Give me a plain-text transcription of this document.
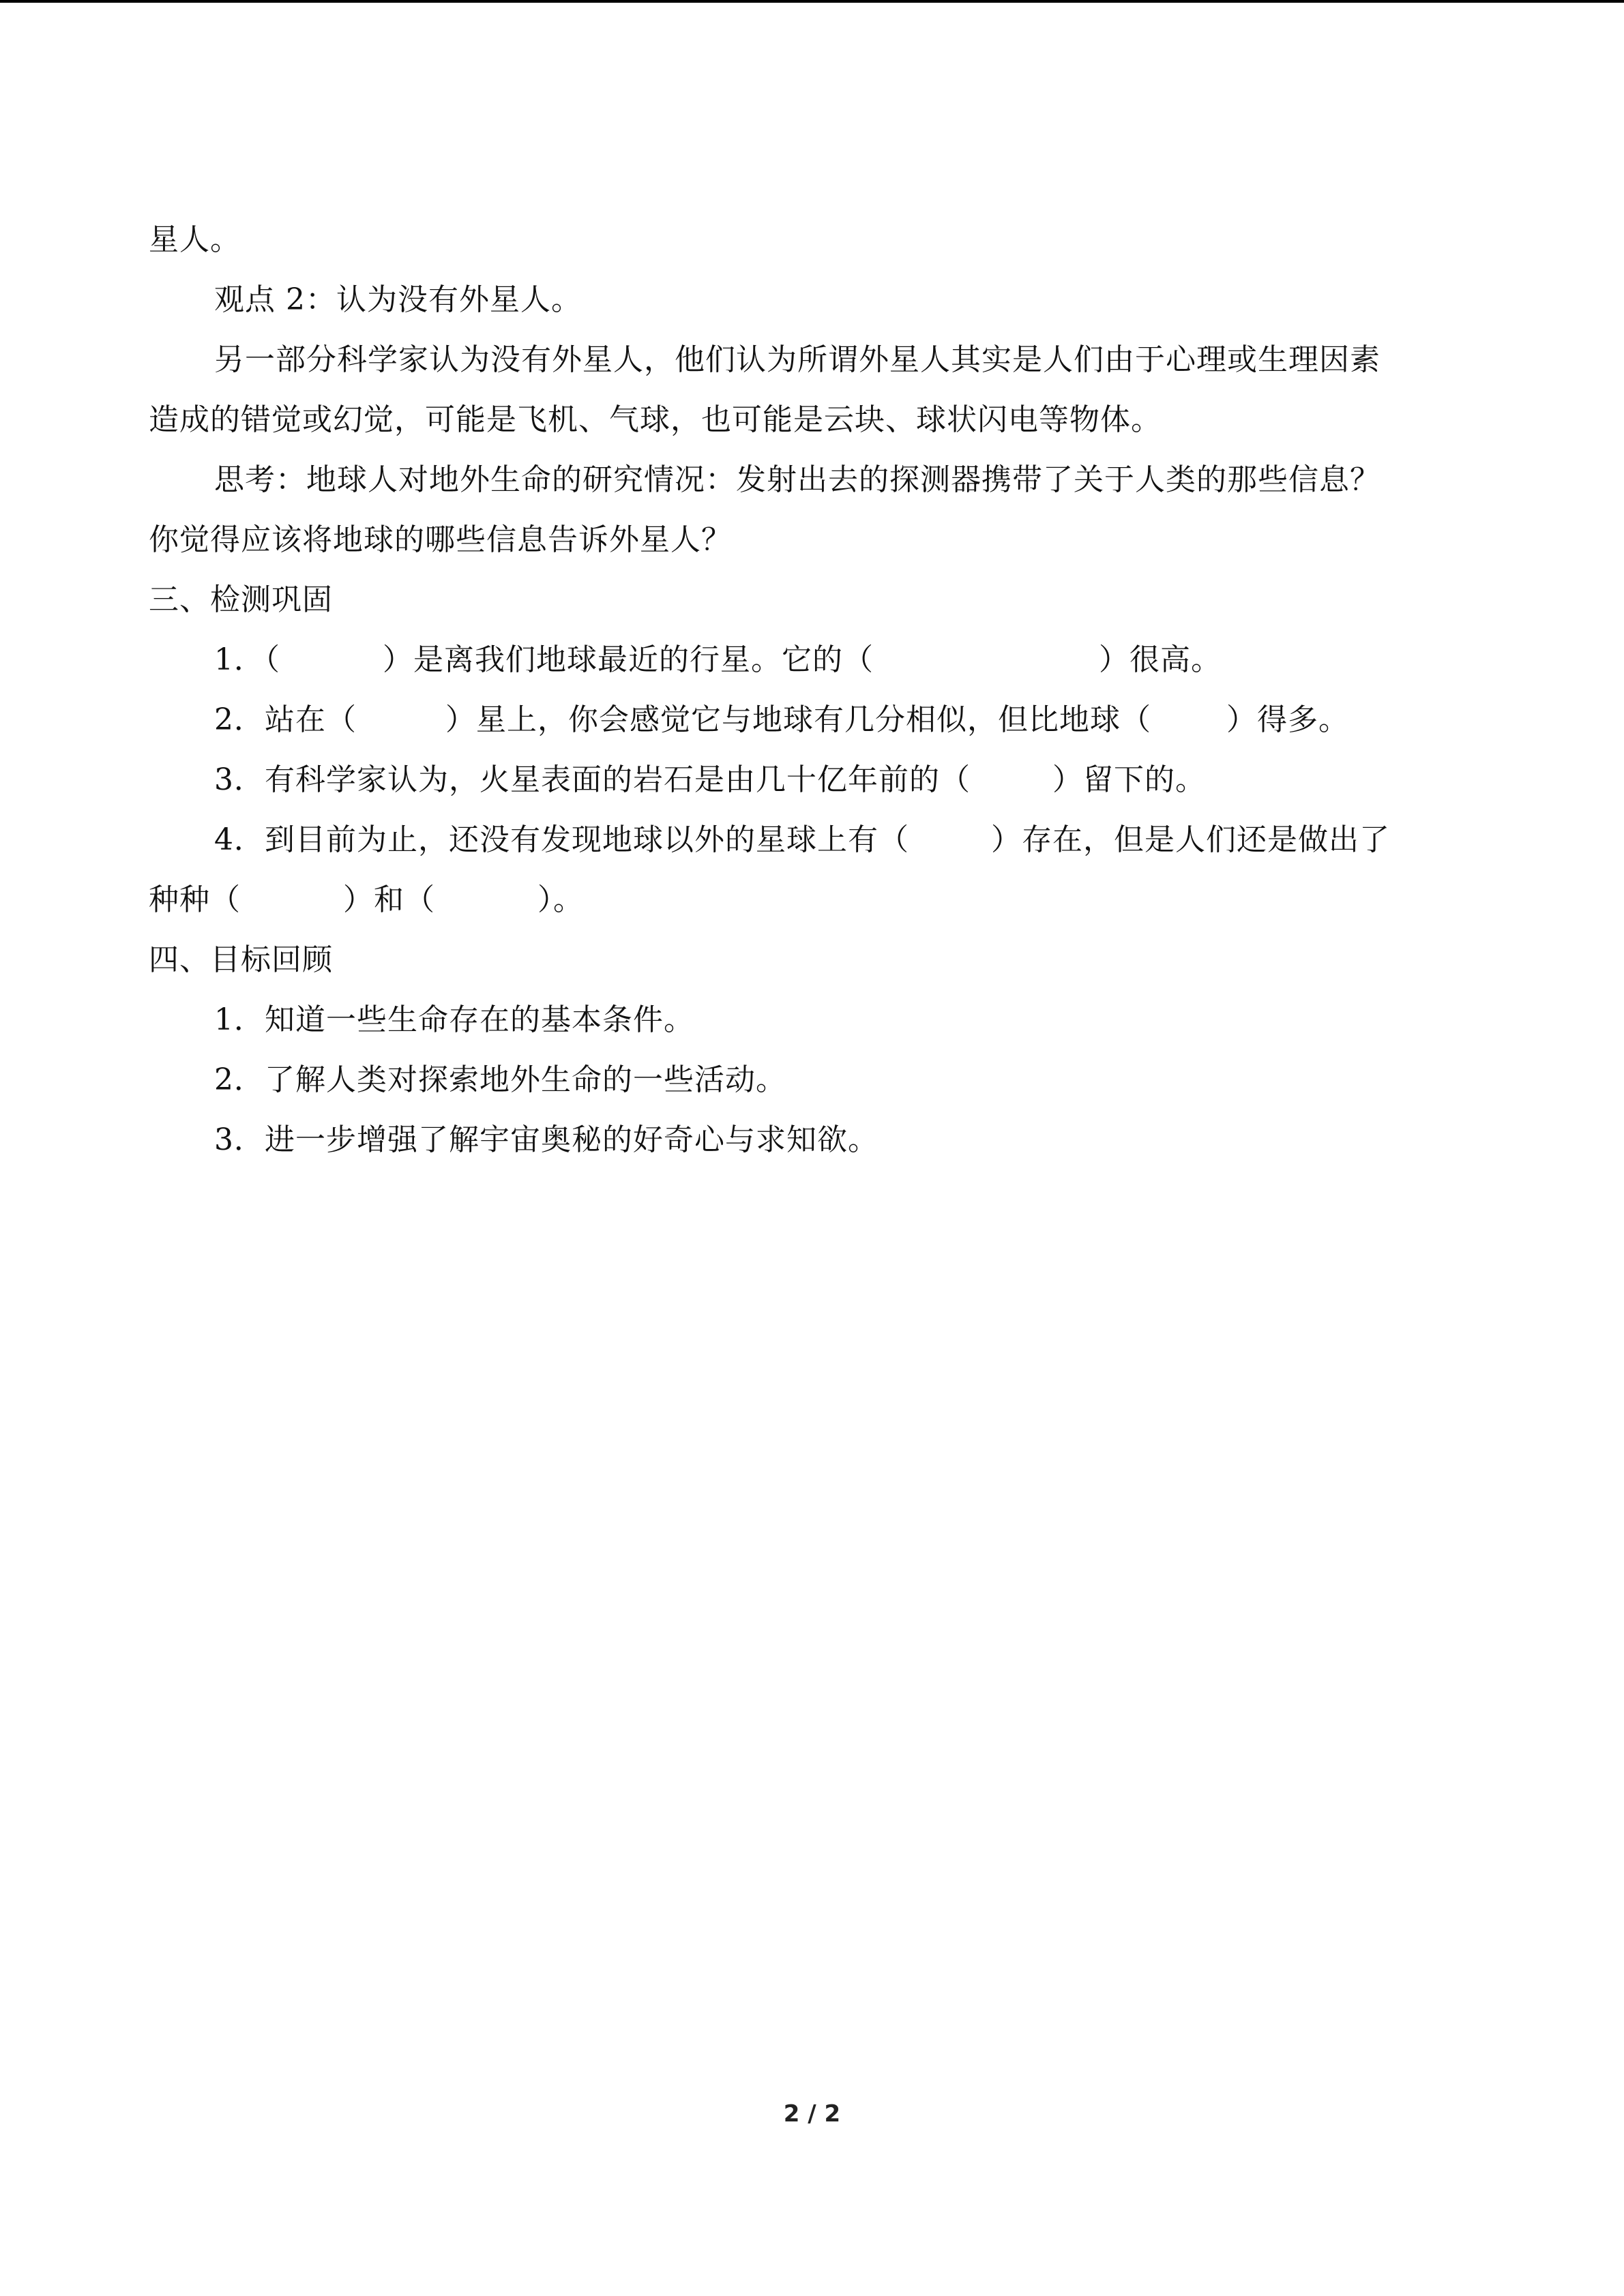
星人。
观点 2：认为没有外星人。
另一部分科学家认为没有外星人，他们认为所谓外星人其实是人们由于心理或生理因素
造成的错觉或幻觉，可能是飞机、气球，也可能是云块、球状闪电等物体。
思考：地球人对地外生命的研究情况：发射出去的探测器携带了关于人类的那些信息？
你觉得应该将地球的哪些信息告诉外星人？
三、检测巩固
1．（	）是离我们地球最近的行星。它的（	）很高。
2．站在（	）星上，你会感觉它与地球有几分相似，但比地球（	）得多。
3．有科学家认为，火星表面的岩石是由几十亿年前的（	）留下的。
4．到目前为止，还没有发现地球以外的星球上有（	）存在，但是人们还是做出了
种种（	）和（	）。
四、目标回顾
1．知道一些生命存在的基本条件。
2．了解人类对探索地外生命的一些活动。
3．进一步增强了解宇宙奥秘的好奇心与求知欲。
2 / 2
